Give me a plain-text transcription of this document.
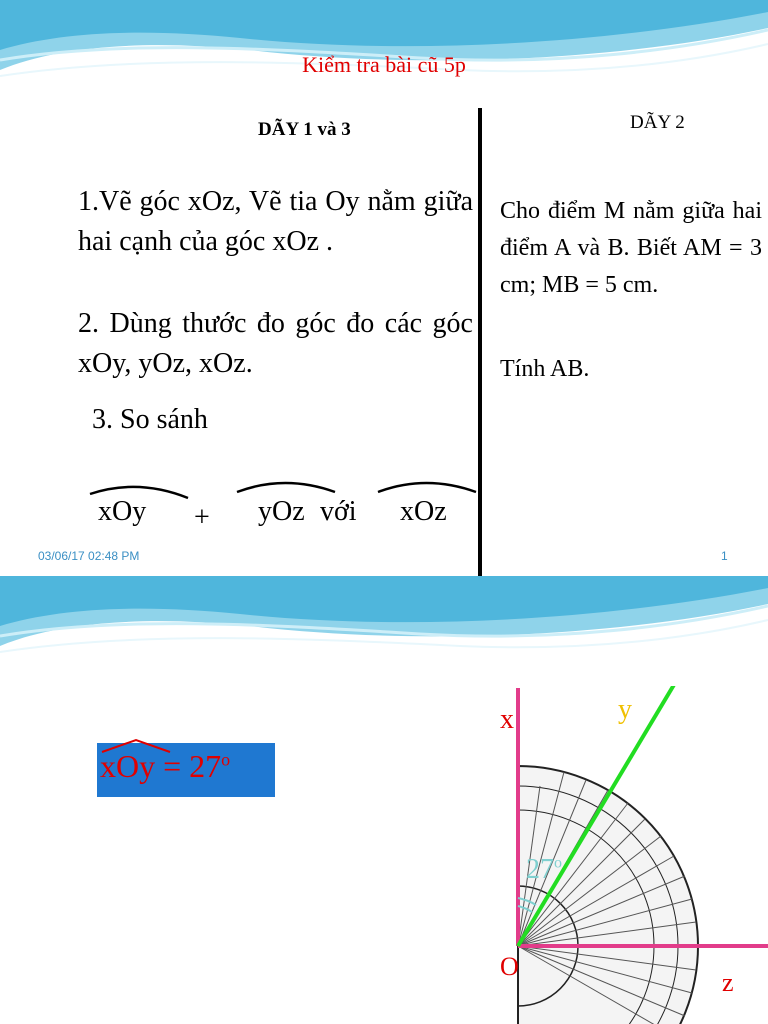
Kiểm tra bài cũ 5p

DÃY 1 và 3	DÃY 2

1.Vẽ góc xOz, Vẽ tia Oy nằm giữa hai cạnh của góc xOz .

2. Dùng thước đo góc đo các góc xOy, yOz, xOz.

3. So sánh

xOy + yOz với xOz

Cho điểm M nằm giữa hai điểm A và B. Biết AM = 3 cm; MB = 5 cm.

Tính AB.

03/06/17 02:48 PM	1
xOy = $27^o$
x	y
O
z
27$^o$
